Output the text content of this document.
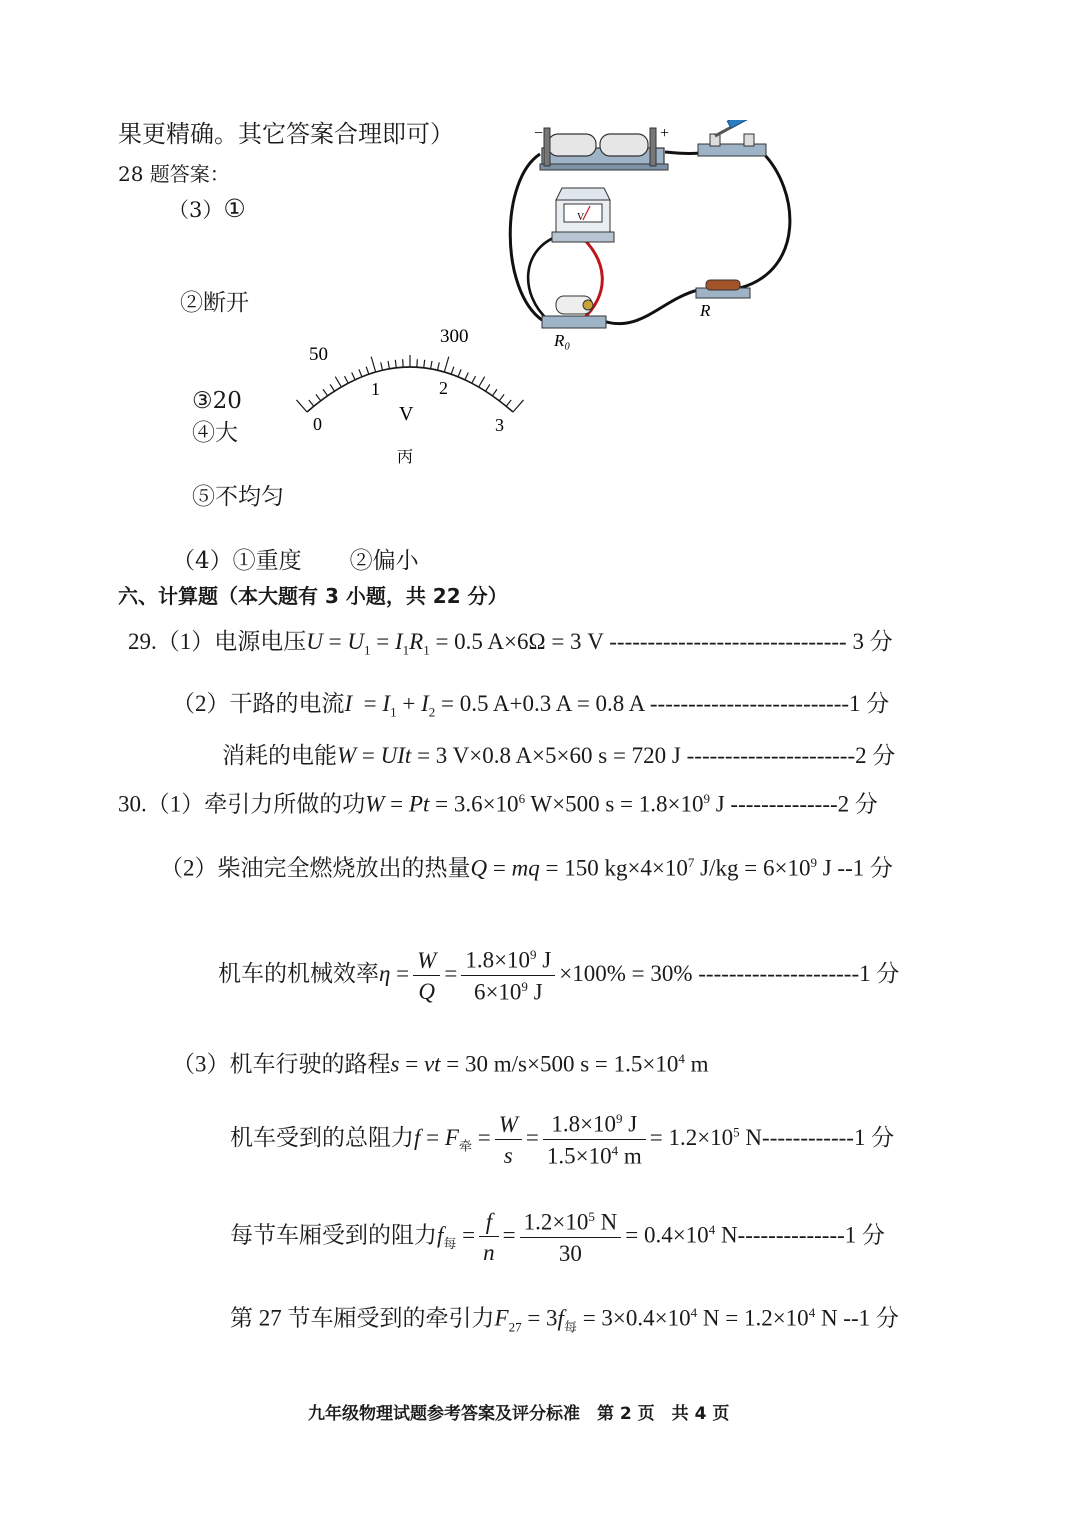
果更精确。其它答案合理即可）
28 题答案：
（3）①
②断开
③20
④大
⑤不均匀
（4）①重度 ②偏小
50
300
0
1	2
3
V
丙
−	+
V
R₀
R
六、计算题（本大题有 3 小题，共 22 分）
29.（1）电源电压$U = U_1 = I_1R_1 = 0.5$ A×6Ω = 3 V ------------------------------- 3 分
（2）干路的电流$I = I_1 + I_2 = 0.5$ A+0.3 A = 0.8 A --------------------------1 分
消耗的电能W = UIt = 3 V×0.8 A×5×60 s = 720 J ----------------------2 分
30.（1）牵引力所做的功$W = Pt = 3.6\times 10^6$ W×500 $s = 1.8\times 10^9$ J --------------2 分
（2）柴油完全燃烧放出的热量Q = mq = 150 $kg\times 4\times 10^7$ $J/kg = 6\times 10^9$ J --1 分
机车的机械效率$\eta = \frac{W}{Q} = \frac{1.8\times 10^9 J}{6\times 10^9 J} \times 100\% = 30\%$ ---------------------1 分
（3）机车行驶的路程s = vt = 30 m/s×500 $s = 1.5\times 10^4$ m
机车受到的总阻力$f = F_牵 = \frac{W}{s} = \frac{1.8\times 10^9 J}{1.5\times 10^4 m} = 1.2\times 10^5$ N------------1 分
每节车厢受到的阻力$f_每 = \frac{f}{n} = \frac{1.2\times 10^5 N}{30} = 0.4\times 10^4$ N--------------1 分
第 27 节车厢受到的牵引力$F_{27} = 3f_每 = 3\times 0.4\times 10^4$ $N = 1.2\times 10^4$ N --1 分
九年级物理试题参考答案及评分标准　第 2 页　共 4 页
